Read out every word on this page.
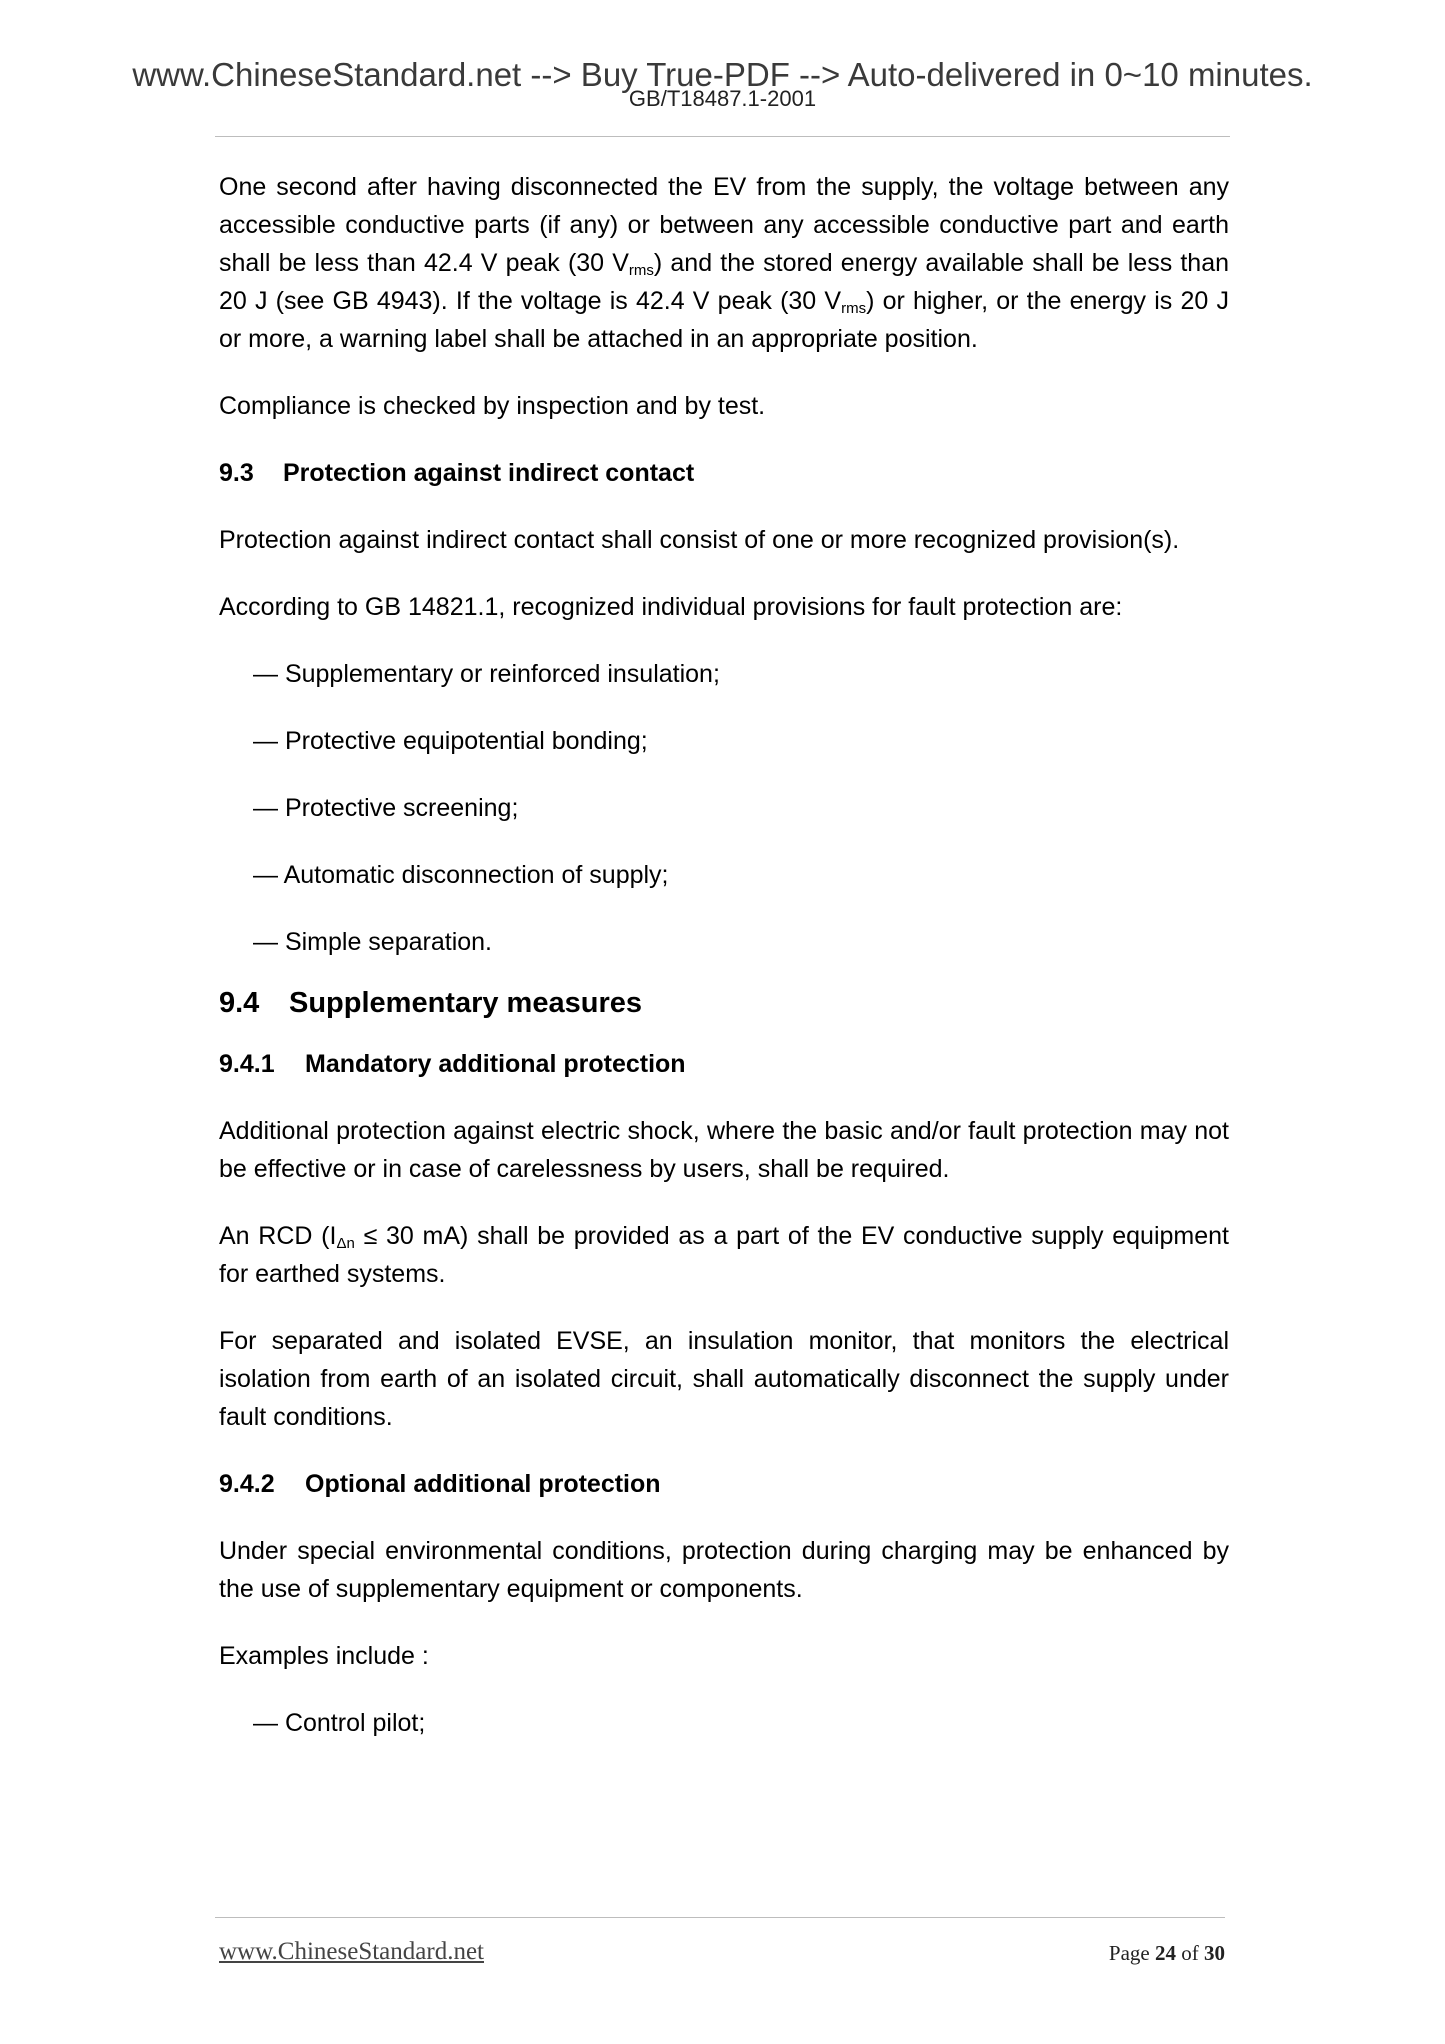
www.ChineseStandard.net --> Buy True-PDF --> Auto-delivered in 0~10 minutes.
GB/T18487.1-2001

One second after having disconnected the EV from the supply, the voltage between any accessible conductive parts (if any) or between any accessible conductive part and earth shall be less than 42.4 V peak (30 $V_{rms}$) and the stored energy available shall be less than 20 J (see GB 4943). If the voltage is 42.4 V peak (30 $V_{rms}$) or higher, or the energy is 20 J or more, a warning label shall be attached in an appropriate position.

Compliance is checked by inspection and by test.

9.3 Protection against indirect contact

Protection against indirect contact shall consist of one or more recognized provision(s).

According to GB 14821.1, recognized individual provisions for fault protection are:

— Supplementary or reinforced insulation;
— Protective equipotential bonding;
— Protective screening;
— Automatic disconnection of supply;
— Simple separation.
9.4 Supplementary measures
9.4.1 Mandatory additional protection

Additional protection against electric shock, where the basic and/or fault protection may not be effective or in case of carelessness by users, shall be required.

An RCD ($I_{\Delta n} \le 30$ mA) shall be provided as a part of the EV conductive supply equipment for earthed systems.

For separated and isolated EVSE, an insulation monitor, that monitors the electrical isolation from earth of an isolated circuit, shall automatically disconnect the supply under fault conditions.

9.4.2 Optional additional protection

Under special environmental conditions, protection during charging may be enhanced by the use of supplementary equipment or components.

Examples include :

— Control pilot;
www.ChineseStandard.net	Page 24 of 30
